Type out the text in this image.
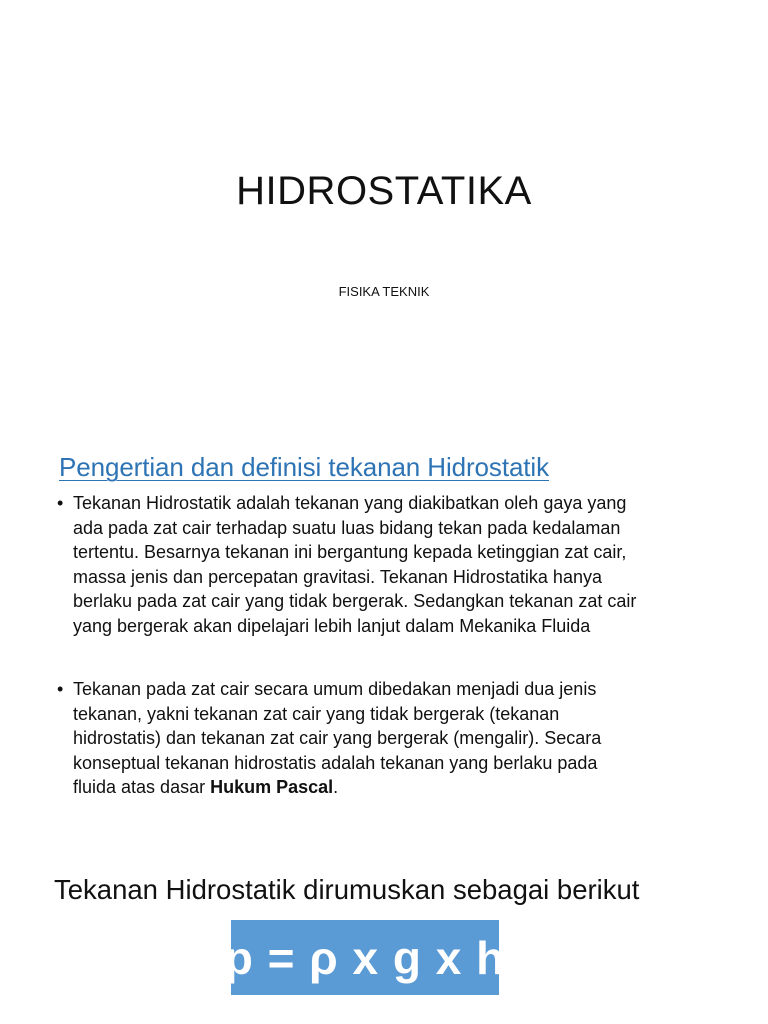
HIDROSTATIKA
FISIKA TEKNIK
Pengertian dan definisi tekanan Hidrostatik
• Tekanan Hidrostatik adalah tekanan yang diakibatkan oleh gaya yang
ada pada zat cair terhadap suatu luas bidang tekan pada kedalaman
tertentu. Besarnya tekanan ini bergantung kepada ketinggian zat cair,
massa jenis dan percepatan gravitasi. Tekanan Hidrostatika hanya
berlaku pada zat cair yang tidak bergerak. Sedangkan tekanan zat cair
yang bergerak akan dipelajari lebih lanjut dalam Mekanika Fluida
• Tekanan pada zat cair secara umum dibedakan menjadi dua jenis
tekanan, yakni tekanan zat cair yang tidak bergerak (tekanan
hidrostatis) dan tekanan zat cair yang bergerak (mengalir). Secara
konseptual tekanan hidrostatis adalah tekanan yang berlaku pada
fluida atas dasar Hukum Pascal.
Tekanan Hidrostatik dirumuskan sebagai berikut
p = ρ x g x h
